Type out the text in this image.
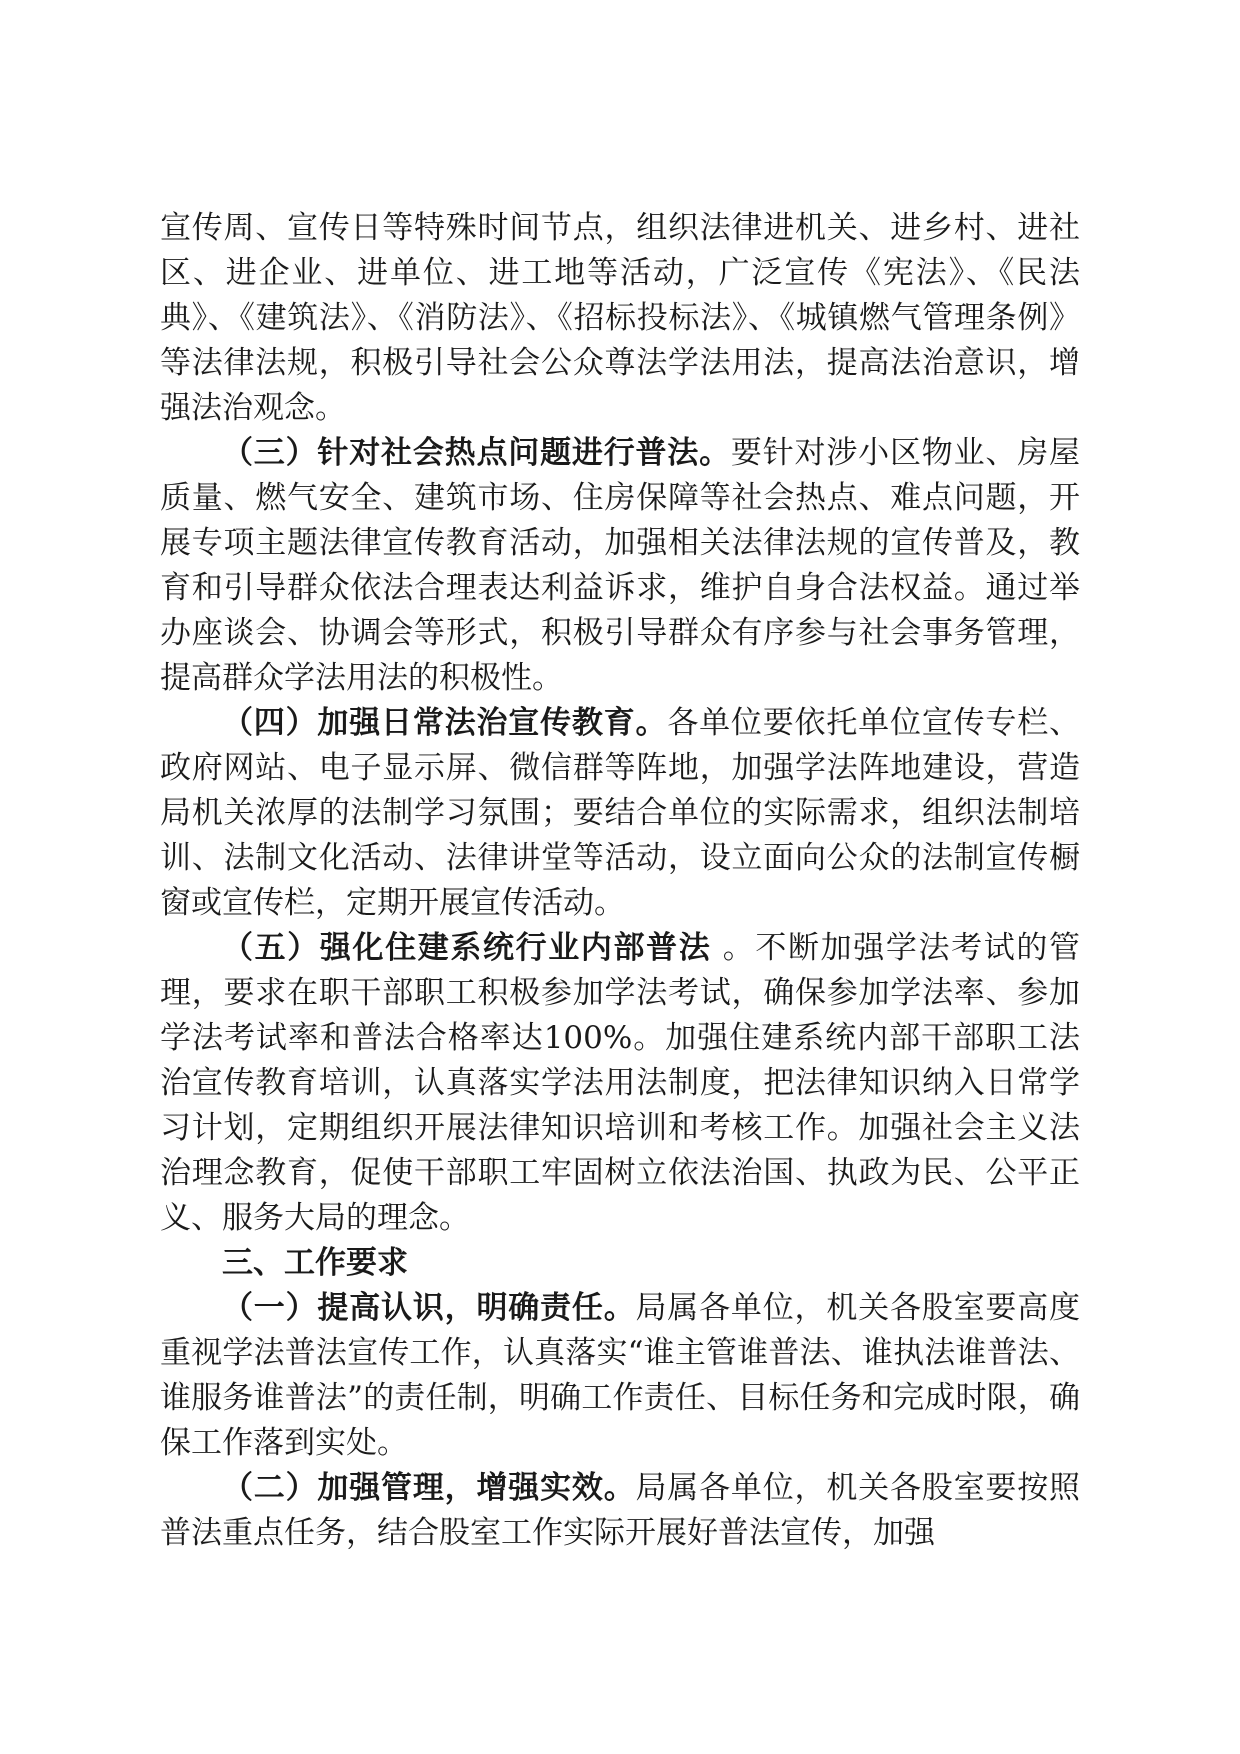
宣传周、宣传日等特殊时间节点，组织法律进机关、进乡村、进社区、进企业、进单位、进工地等活动，广泛宣传《宪法》、《民法典》、《建筑法》、《消防法》、《招标投标法》、《城镇燃气管理条例》等法律法规，积极引导社会公众尊法学法用法，提高法治意识，增强法治观念。

（三）针对社会热点问题进行普法。要针对涉小区物业、房屋质量、燃气安全、建筑市场、住房保障等社会热点、难点问题，开展专项主题法律宣传教育活动，加强相关法律法规的宣传普及，教育和引导群众依法合理表达利益诉求，维护自身合法权益。通过举办座谈会、协调会等形式，积极引导群众有序参与社会事务管理，提高群众学法用法的积极性。

（四）加强日常法治宣传教育。各单位要依托单位宣传专栏、政府网站、电子显示屏、微信群等阵地，加强学法阵地建设，营造局机关浓厚的法制学习氛围；要结合单位的实际需求，组织法制培训、法制文化活动、法律讲堂等活动，设立面向公众的法制宣传橱窗或宣传栏，定期开展宣传活动。

（五）强化住建系统行业内部普法 。不断加强学法考试的管理，要求在职干部职工积极参加学法考试，确保参加学法率、参加学法考试率和普法合格率达100%。加强住建系统内部干部职工法治宣传教育培训，认真落实学法用法制度，把法律知识纳入日常学习计划，定期组织开展法律知识培训和考核工作。加强社会主义法治理念教育，促使干部职工牢固树立依法治国、执政为民、公平正义、服务大局的理念。

三、工作要求

（一）提高认识，明确责任。局属各单位，机关各股室要高度重视学法普法宣传工作，认真落实“谁主管谁普法、谁执法谁普法、谁服务谁普法”的责任制，明确工作责任、目标任务和完成时限，确保工作落到实处。

（二）加强管理，增强实效。局属各单位，机关各股室要按照普法重点任务，结合股室工作实际开展好普法宣传，加强
